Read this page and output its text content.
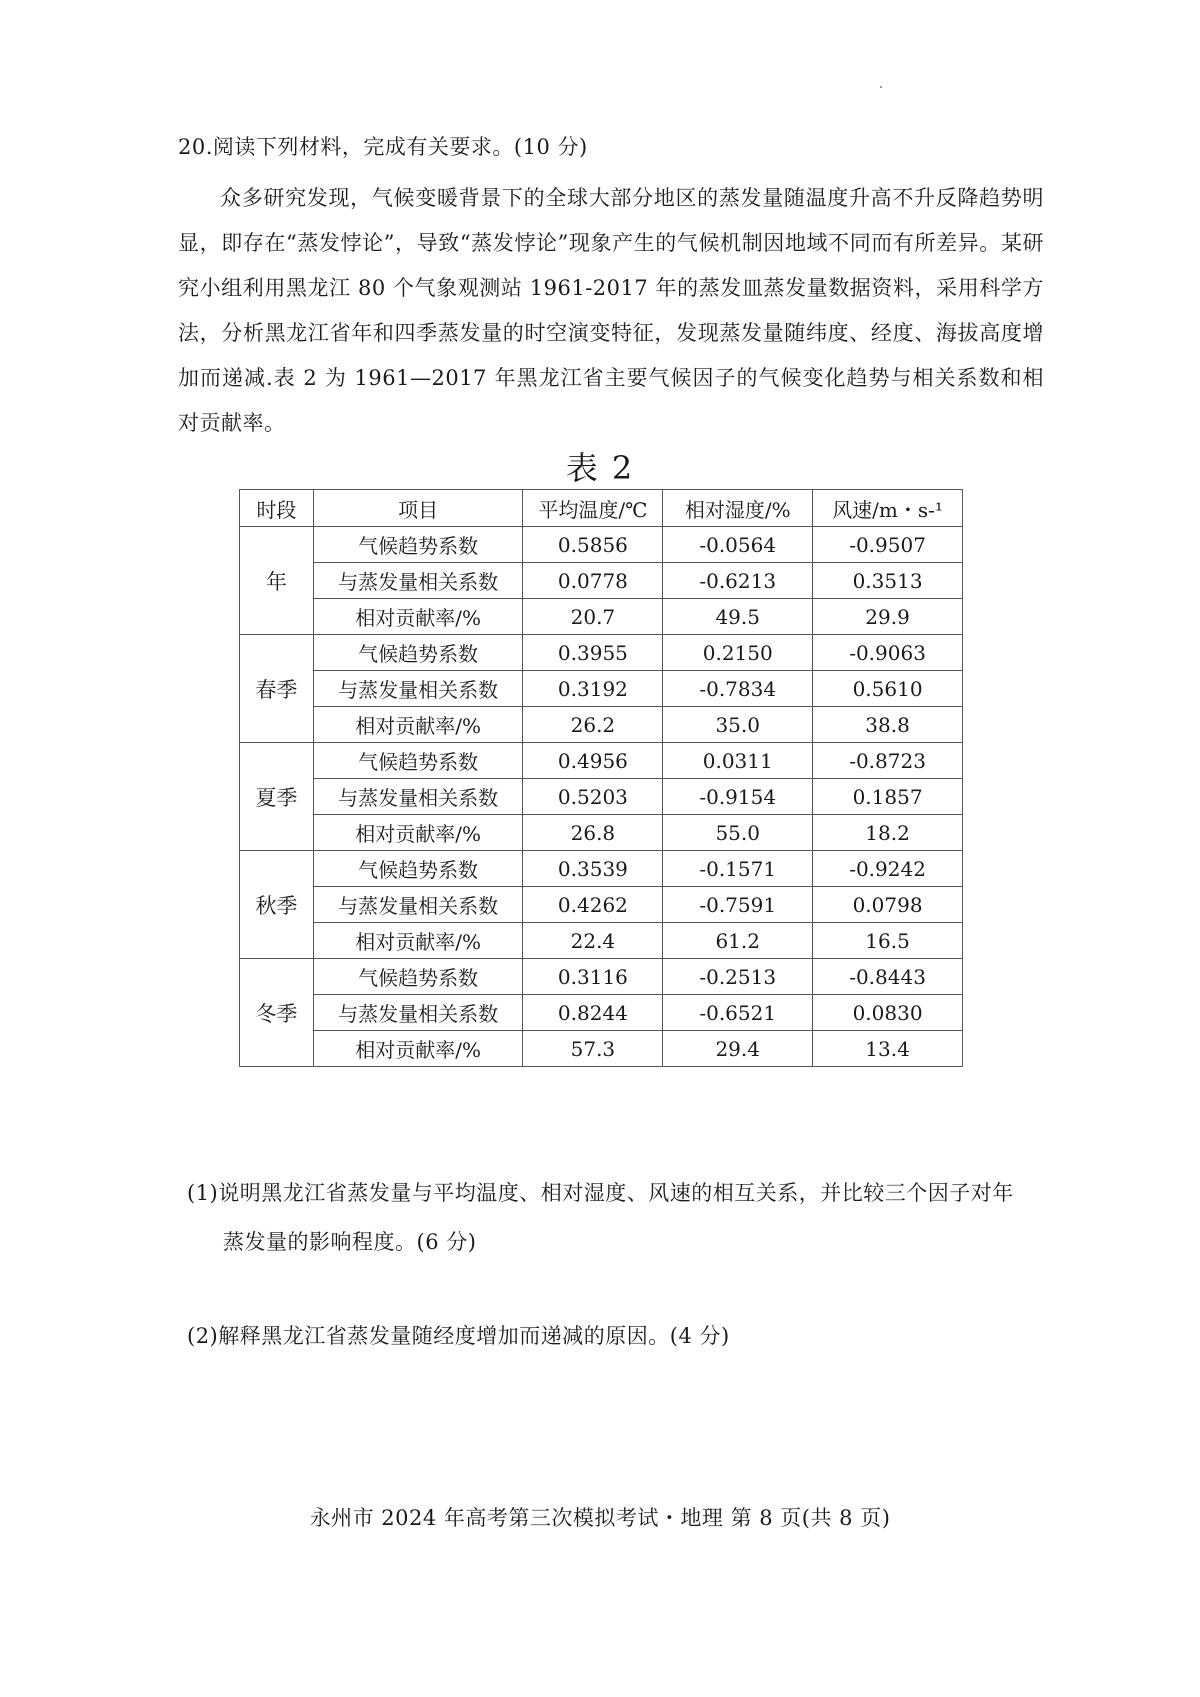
20.阅读下列材料，完成有关要求。(10 分)
众多研究发现，气候变暖背景下的全球大部分地区的蒸发量随温度升高不升反降趋势明显，即存在“蒸发悖论”，导致“蒸发悖论”现象产生的气候机制因地域不同而有所差异。某研究小组利用黑龙江 80 个气象观测站 1961-2017 年的蒸发皿蒸发量数据资料，采用科学方法，分析黑龙江省年和四季蒸发量的时空演变特征，发现蒸发量随纬度、经度、海拔高度增加而递减.表 2 为 1961—2017 年黑龙江省主要气候因子的气候变化趋势与相关系数和相对贡献率。
表 2
时段	项目	平均温度/℃	相对湿度/%	风速/m・s-¹
年	气候趋势系数	0.5856	-0.0564	-0.9507
	与蒸发量相关系数	0.0778	-0.6213	0.3513
	相对贡献率/%	20.7	49.5	29.9
春季	气候趋势系数	0.3955	0.2150	-0.9063
	与蒸发量相关系数	0.3192	-0.7834	0.5610
	相对贡献率/%	26.2	35.0	38.8
夏季	气候趋势系数	0.4956	0.0311	-0.8723
	与蒸发量相关系数	0.5203	-0.9154	0.1857
	相对贡献率/%	26.8	55.0	18.2
秋季	气候趋势系数	0.3539	-0.1571	-0.9242
	与蒸发量相关系数	0.4262	-0.7591	0.0798
	相对贡献率/%	22.4	61.2	16.5
冬季	气候趋势系数	0.3116	-0.2513	-0.8443
	与蒸发量相关系数	0.8244	-0.6521	0.0830
	相对贡献率/%	57.3	29.4	13.4
(1)说明黑龙江省蒸发量与平均温度、相对湿度、风速的相互关系，并比较三个因子对年
蒸发量的影响程度。(6 分)
(2)解释黑龙江省蒸发量随经度增加而递减的原因。(4 分)
永州市 2024 年高考第三次模拟考试・地理 第 8 页(共 8 页)
